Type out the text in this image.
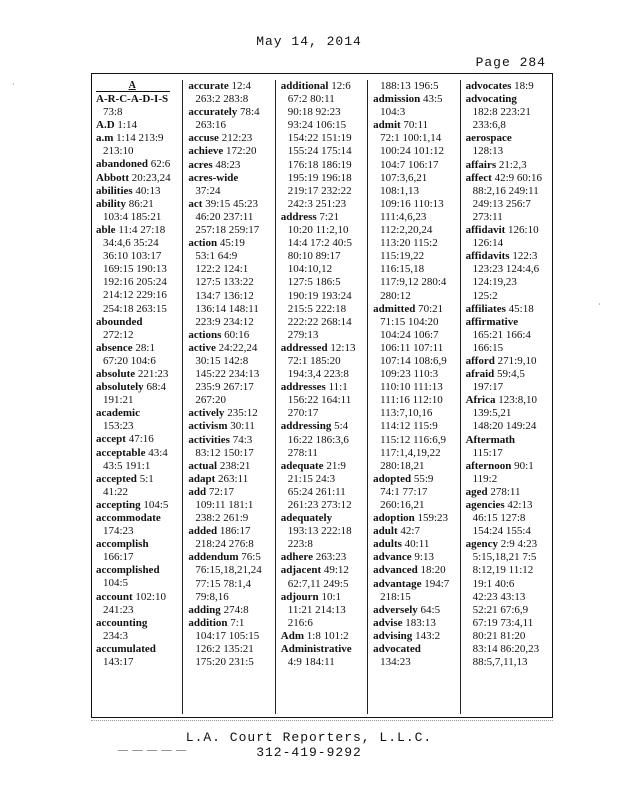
May 14, 2014
Page 284
·
·
A
A-R-C-A-D-I-S
73:8
A.D 1:14
a.m 1:14 213:9
213:10
abandoned 62:6
Abbott 20:23,24
abilities 40:13
ability 86:21
103:4 185:21
able 11:4 27:18
34:4,6 35:24
36:10 103:17
169:15 190:13
192:16 205:24
214:12 229:16
254:18 263:15
abounded
272:12
absence 28:1
67:20 104:6
absolute 221:23
absolutely 68:4
191:21
academic
153:23
accept 47:16
acceptable 43:4
43:5 191:1
accepted 5:1
41:22
accepting 104:5
accommodate
174:23
accomplish
166:17
accomplished
104:5
account 102:10
241:23
accounting
234:3
accumulated
143:17
accurate 12:4
263:2 283:8
accurately 78:4
263:16
accuse 212:23
achieve 172:20
acres 48:23
acres-wide
37:24
act 39:15 45:23
46:20 237:11
257:18 259:17
action 45:19
53:1 64:9
122:2 124:1
127:5 133:22
134:7 136:12
136:14 148:11
223:9 234:12
actions 60:16
active 24:22,24
30:15 142:8
145:22 234:13
235:9 267:17
267:20
actively 235:12
activism 30:11
activities 74:3
83:12 150:17
actual 238:21
adapt 263:11
add 72:17
109:11 181:1
238:2 261:9
added 186:17
218:24 276:8
addendum 76:5
76:15,18,21,24
77:15 78:1,4
79:8,16
adding 274:8
addition 7:1
104:17 105:15
126:2 135:21
175:20 231:5
additional 12:6
67:2 80:11
90:18 92:23
93:24 106:15
154:22 151:19
155:24 175:14
176:18 186:19
195:19 196:18
219:17 232:22
242:3 251:23
address 7:21
10:20 11:2,10
14:4 17:2 40:5
80:10 89:17
104:10,12
127:5 186:5
190:19 193:24
215:5 222:18
222:22 268:14
279:13
addressed 12:13
72:1 185:20
194:3,4 223:8
addresses 11:1
156:22 164:11
270:17
addressing 5:4
16:22 186:3,6
278:11
adequate 21:9
21:15 24:3
65:24 261:11
261:23 273:12
adequately
193:13 222:18
223:8
adhere 263:23
adjacent 49:12
62:7,11 249:5
adjourn 10:1
11:21 214:13
216:6
Adm 1:8 101:2
Administrative
4:9 184:11
188:13 196:5
admission 43:5
104:3
admit 70:11
72:1 100:1,14
100:24 101:12
104:7 106:17
107:3,6,21
108:1,13
109:16 110:13
111:4,6,23
112:2,20,24
113:20 115:2
115:19,22
116:15,18
117:9,12 280:4
280:12
admitted 70:21
71:15 104:20
104:24 106:7
106:11 107:11
107:14 108:6,9
109:23 110:3
110:10 111:13
111:16 112:10
113:7,10,16
114:12 115:9
115:12 116:6,9
117:1,4,19,22
280:18,21
adopted 55:9
74:1 77:17
260:16,21
adoption 159:23
adult 42:7
adults 40:11
advance 9:13
advanced 18:20
advantage 194:7
218:15
adversely 64:5
advise 183:13
advising 143:2
advocated
134:23
advocates 18:9
advocating
182:8 223:21
233:6,8
aerospace
128:13
affairs 21:2,3
affect 42:9 60:16
88:2,16 249:11
249:13 256:7
273:11
affidavit 126:10
126:14
affidavits 122:3
123:23 124:4,6
124:19,23
125:2
affiliates 45:18
affirmative
165:21 166:4
166:15
afford 271:9,10
afraid 59:4,5
197:17
Africa 123:8,10
139:5,21
148:20 149:24
Aftermath
115:17
afternoon 90:1
119:2
aged 278:11
agencies 42:13
46:15 127:8
154:24 155:4
agency 2:9 4:23
5:15,18,21 7:5
8:12,19 11:12
19:1 40:6
42:23 43:13
52:21 67:6,9
67:19 73:4,11
80:21 81:20
83:14 86:20,23
88:5,7,11,13
— — — — —
L.A. Court Reporters, L.L.C.
312-419-9292
